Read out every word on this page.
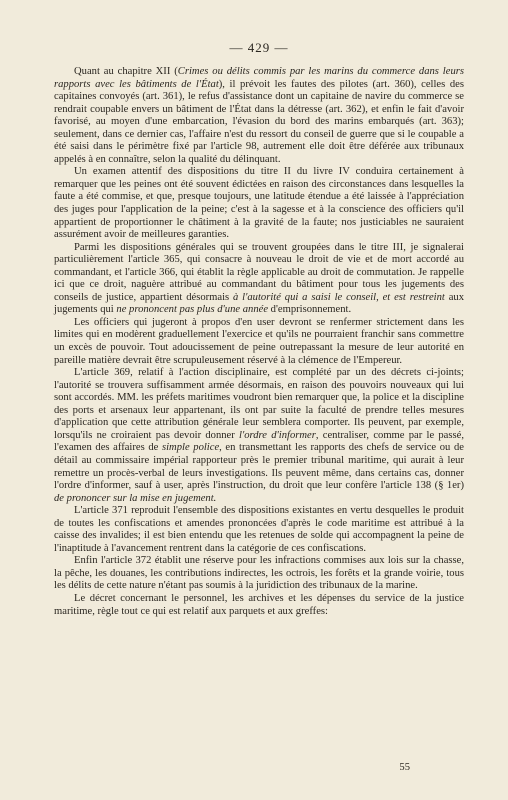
— 429 —

Quant au chapitre XII (Crimes ou délits commis par les marins du commerce dans leurs rapports avec les bâtiments de l'État), il prévoit les fautes des pilotes (art. 360), celles des capitaines convoyés (art. 361), le refus d'assistance dont un capitaine de navire du commerce se rendrait coupable envers un bâtiment de l'État dans la détresse (art. 362), et enfin le fait d'avoir favorisé, au moyen d'une embarcation, l'évasion du bord des marins embarqués (art. 363); seulement, dans ce dernier cas, l'affaire n'est du ressort du conseil de guerre que si le coupable a été saisi dans le périmètre fixé par l'article 98, autrement elle doit être déférée aux tribunaux appelés à en connaître, selon la qualité du délinquant.

Un examen attentif des dispositions du titre II du livre IV conduira certainement à remarquer que les peines ont été souvent édictées en raison des circonstances dans lesquelles la faute a été commise, et que, presque toujours, une latitude étendue a été laissée à l'appréciation des juges pour l'application de la peine; c'est à la sagesse et à la conscience des officiers qu'il appartient de proportionner le châtiment à la gravité de la faute; nos justiciables ne sauraient assurément avoir de meilleures garanties.

Parmi les dispositions générales qui se trouvent groupées dans le titre III, je signalerai particulièrement l'article 365, qui consacre à nouveau le droit de vie et de mort accordé au commandant, et l'article 366, qui établit la règle applicable au droit de commutation. Je rappelle ici que ce droit, naguère attribué au commandant du bâtiment pour tous les jugements des conseils de justice, appartient désormais à l'autorité qui a saisi le conseil, et est restreint aux jugements qui ne prononcent pas plus d'une année d'emprisonnement.

Les officiers qui jugeront à propos d'en user devront se renfermer strictement dans les limites qui en modèrent graduellement l'exercice et qu'ils ne pourraient franchir sans commettre un excès de pouvoir. Tout adoucissement de peine outrepassant la mesure de leur autorité en pareille matière devrait être scrupuleusement réservé à la clémence de l'Empereur.

L'article 369, relatif à l'action disciplinaire, est complété par un des décrets ci-joints; l'autorité se trouvera suffisamment armée désormais, en raison des pouvoirs nouveaux qui lui sont accordés. MM. les préfets maritimes voudront bien remarquer que, la police et la discipline des ports et arsenaux leur appartenant, ils ont par suite la faculté de prendre telles mesures d'application que cette attribution générale leur semblera comporter. Ils peuvent, par exemple, lorsqu'ils ne croiraient pas devoir donner l'ordre d'informer, centraliser, comme par le passé, l'examen des affaires de simple police, en transmettant les rapports des chefs de service ou de détail au commissaire impérial rapporteur près le premier tribunal maritime, qui aurait à leur remettre un procès-verbal de leurs investigations. Ils peuvent même, dans certains cas, donner l'ordre d'informer, sauf à user, après l'instruction, du droit que leur confère l'article 138 (§ 1er) de prononcer sur la mise en jugement.

L'article 371 reproduit l'ensemble des dispositions existantes en vertu desquelles le produit de toutes les confiscations et amendes prononcées d'après le code maritime est attribué à la caisse des invalides; il est bien entendu que les retenues de solde qui accompagnent la peine de l'inaptitude à l'avancement rentrent dans la catégorie de ces confiscations.

Enfin l'article 372 établit une réserve pour les infractions commises aux lois sur la chasse, la pêche, les douanes, les contributions indirectes, les octrois, les forêts et la grande voirie, tous les délits de cette nature n'étant pas soumis à la juridiction des tribunaux de la marine.

Le décret concernant le personnel, les archives et les dépenses du service de la justice maritime, règle tout ce qui est relatif aux parquets et aux greffes:

55
